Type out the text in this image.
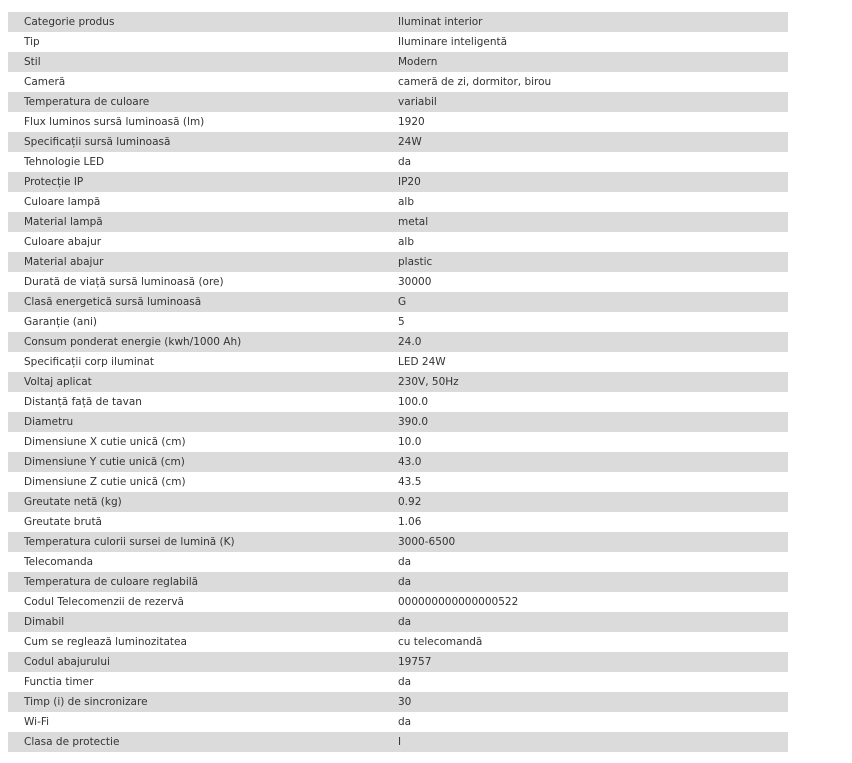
Categorie produs	Iluminat interior
Tip	Iluminare inteligentă
Stil	Modern
Cameră	cameră de zi, dormitor, birou
Temperatura de culoare	variabil
Flux luminos sursă luminoasă (lm)	1920
Specificații sursă luminoasă	24W
Tehnologie LED	da
Protecție IP	IP20
Culoare lampă	alb
Material lampă	metal
Culoare abajur	alb
Material abajur	plastic
Durată de viață sursă luminoasă (ore)	30000
Clasă energetică sursă luminoasă	G
Garanție (ani)	5
Consum ponderat energie (kwh/1000 Ah)	24.0
Specificații corp iluminat	LED 24W
Voltaj aplicat	230V, 50Hz
Distanță față de tavan	100.0
Diametru	390.0
Dimensiune X cutie unică (cm)	10.0
Dimensiune Y cutie unică (cm)	43.0
Dimensiune Z cutie unică (cm)	43.5
Greutate netă (kg)	0.92
Greutate brută	1.06
Temperatura culorii sursei de lumină (K)	3000-6500
Telecomanda	da
Temperatura de culoare reglabilă	da
Codul Telecomenzii de rezervă	000000000000000522
Dimabil	da
Cum se reglează luminozitatea	cu telecomandă
Codul abajurului	19757
Functia timer	da
Timp (i) de sincronizare	30
Wi-Fi	da
Clasa de protectie	I
